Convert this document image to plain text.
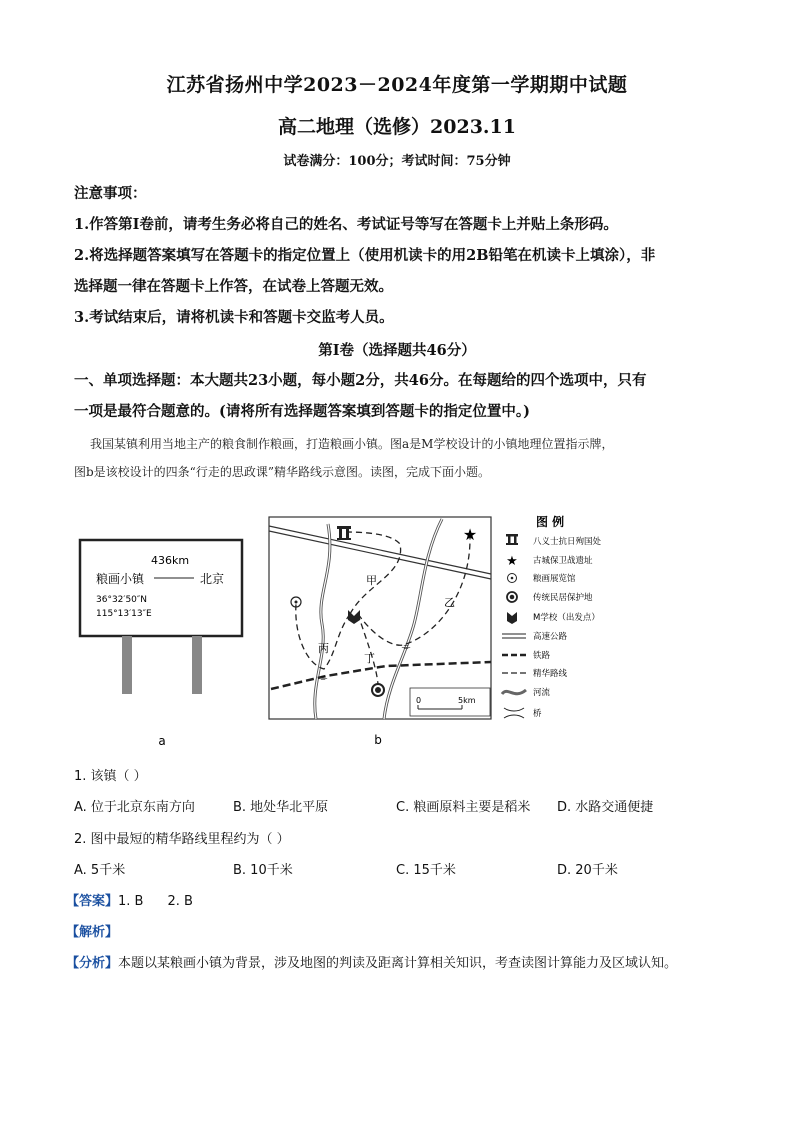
江苏省扬州中学2023－2024年度第一学期期中试题
高二地理（选修）2023.11
试卷满分：100分；考试时间：75分钟
注意事项：
1.作答第Ⅰ卷前，请考生务必将自己的姓名、考试证号等写在答题卡上并贴上条形码。
2.将选择题答案填写在答题卡的指定位置上（使用机读卡的用2B铅笔在机读卡上填涂），非
选择题一律在答题卡上作答，在试卷上答题无效。
3.考试结束后，请将机读卡和答题卡交监考人员。
第Ⅰ卷（选择题共46分）
一、单项选择题：本大题共23小题，每小题2分，共46分。在每题给的四个选项中，只有
一项是最符合题意的。(请将所有选择题答案填到答题卡的指定位置中。)
我国某镇利用当地主产的粮食制作粮画，打造粮画小镇。图a是M学校设计的小镇地理位置指示牌，
图b是该校设计的四条“行走的思政课”精华路线示意图。读图，完成下面小题。
436km
粮画小镇	北京
36°32′50″N
115°13′13″E
a
★
⌯
⌯
甲
乙
丙
丁
0	5km
b
图 例
八义士抗日殉国处
★ 古城保卫战遗址
粮画展览馆
传统民居保护地
M学校（出发点）
高速公路
铁路
精华路线
河流
桥
1. 该镇（ ）
A. 位于北京东南方向	B. 地处华北平原	C. 粮画原料主要是稻米 D. 水路交通便捷
2. 图中最短的精华路线里程约为（ ）
A. 5千米	B. 10千米	C. 15千米	D. 20千米
【答案】1. B 2. B
【解析】
【分析】本题以某粮画小镇为背景，涉及地图的判读及距离计算相关知识，考查读图计算能力及区域认知。
